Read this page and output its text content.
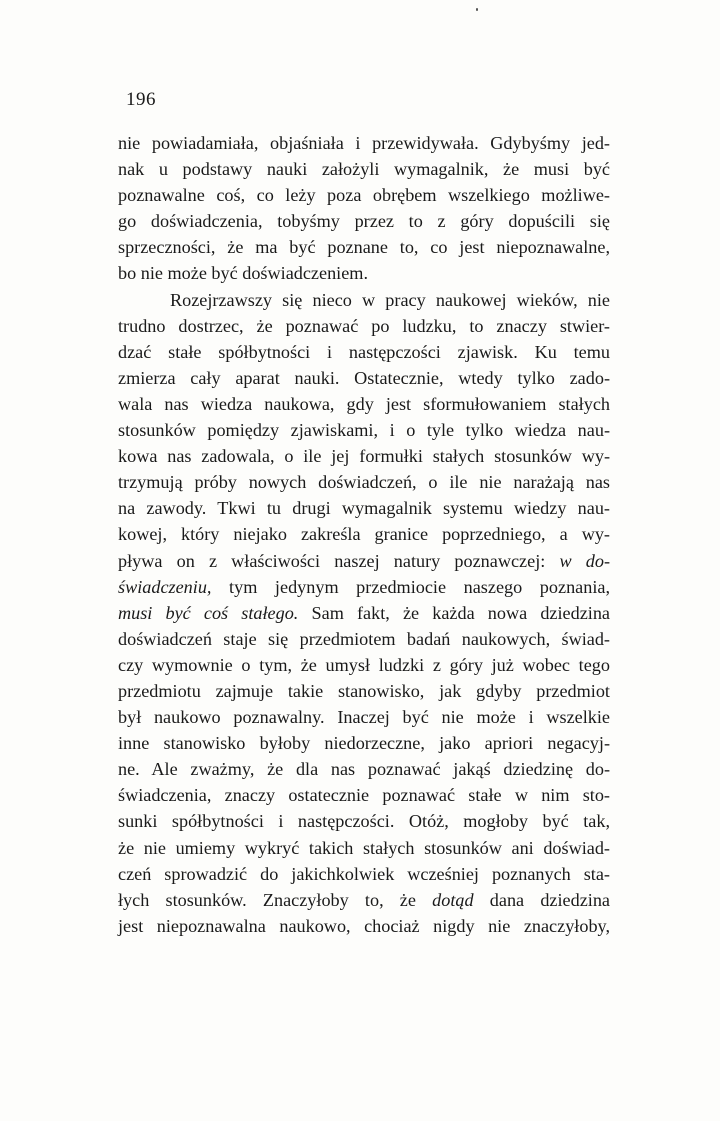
196
nie powiadamiała, objaśniała i przewidywała. Gdybyśmy jed-
nak u podstawy nauki założyli wymagalnik, że musi być
poznawalne coś, co leży poza obrębem wszelkiego możliwe-
go doświadczenia, tobyśmy przez to z góry dopuścili się
sprzeczności, że ma być poznane to, co jest niepoznawalne,
bo nie może być doświadczeniem.
Rozejrzawszy się nieco w pracy naukowej wieków, nie
trudno dostrzec, że poznawać po ludzku, to znaczy stwier-
dzać stałe spółbytności i następczości zjawisk. Ku temu
zmierza cały aparat nauki. Ostatecznie, wtedy tylko zado-
wala nas wiedza naukowa, gdy jest sformułowaniem stałych
stosunków pomiędzy zjawiskami, i o tyle tylko wiedza nau-
kowa nas zadowala, o ile jej formułki stałych stosunków wy-
trzymują próby nowych doświadczeń, o ile nie narażają nas
na zawody. Tkwi tu drugi wymagalnik systemu wiedzy nau-
kowej, który niejako zakreśla granice poprzedniego, a wy-
pływa on z właściwości naszej natury poznawczej: w do-
świadczeniu, tym jedynym przedmiocie naszego poznania,
musi być coś stałego. Sam fakt, że każda nowa dziedzina
doświadczeń staje się przedmiotem badań naukowych, świad-
czy wymownie o tym, że umysł ludzki z góry już wobec tego
przedmiotu zajmuje takie stanowisko, jak gdyby przedmiot
był naukowo poznawalny. Inaczej być nie może i wszelkie
inne stanowisko byłoby niedorzeczne, jako apriori negacyj-
ne. Ale zważmy, że dla nas poznawać jakąś dziedzinę do-
świadczenia, znaczy ostatecznie poznawać stałe w nim sto-
sunki spółbytności i następczości. Otóż, mogłoby być tak,
że nie umiemy wykryć takich stałych stosunków ani doświad-
czeń sprowadzić do jakichkolwiek wcześniej poznanych sta-
łych stosunków. Znaczyłoby to, że dotąd dana dziedzina
jest niepoznawalna naukowo, chociaż nigdy nie znaczyłoby,
